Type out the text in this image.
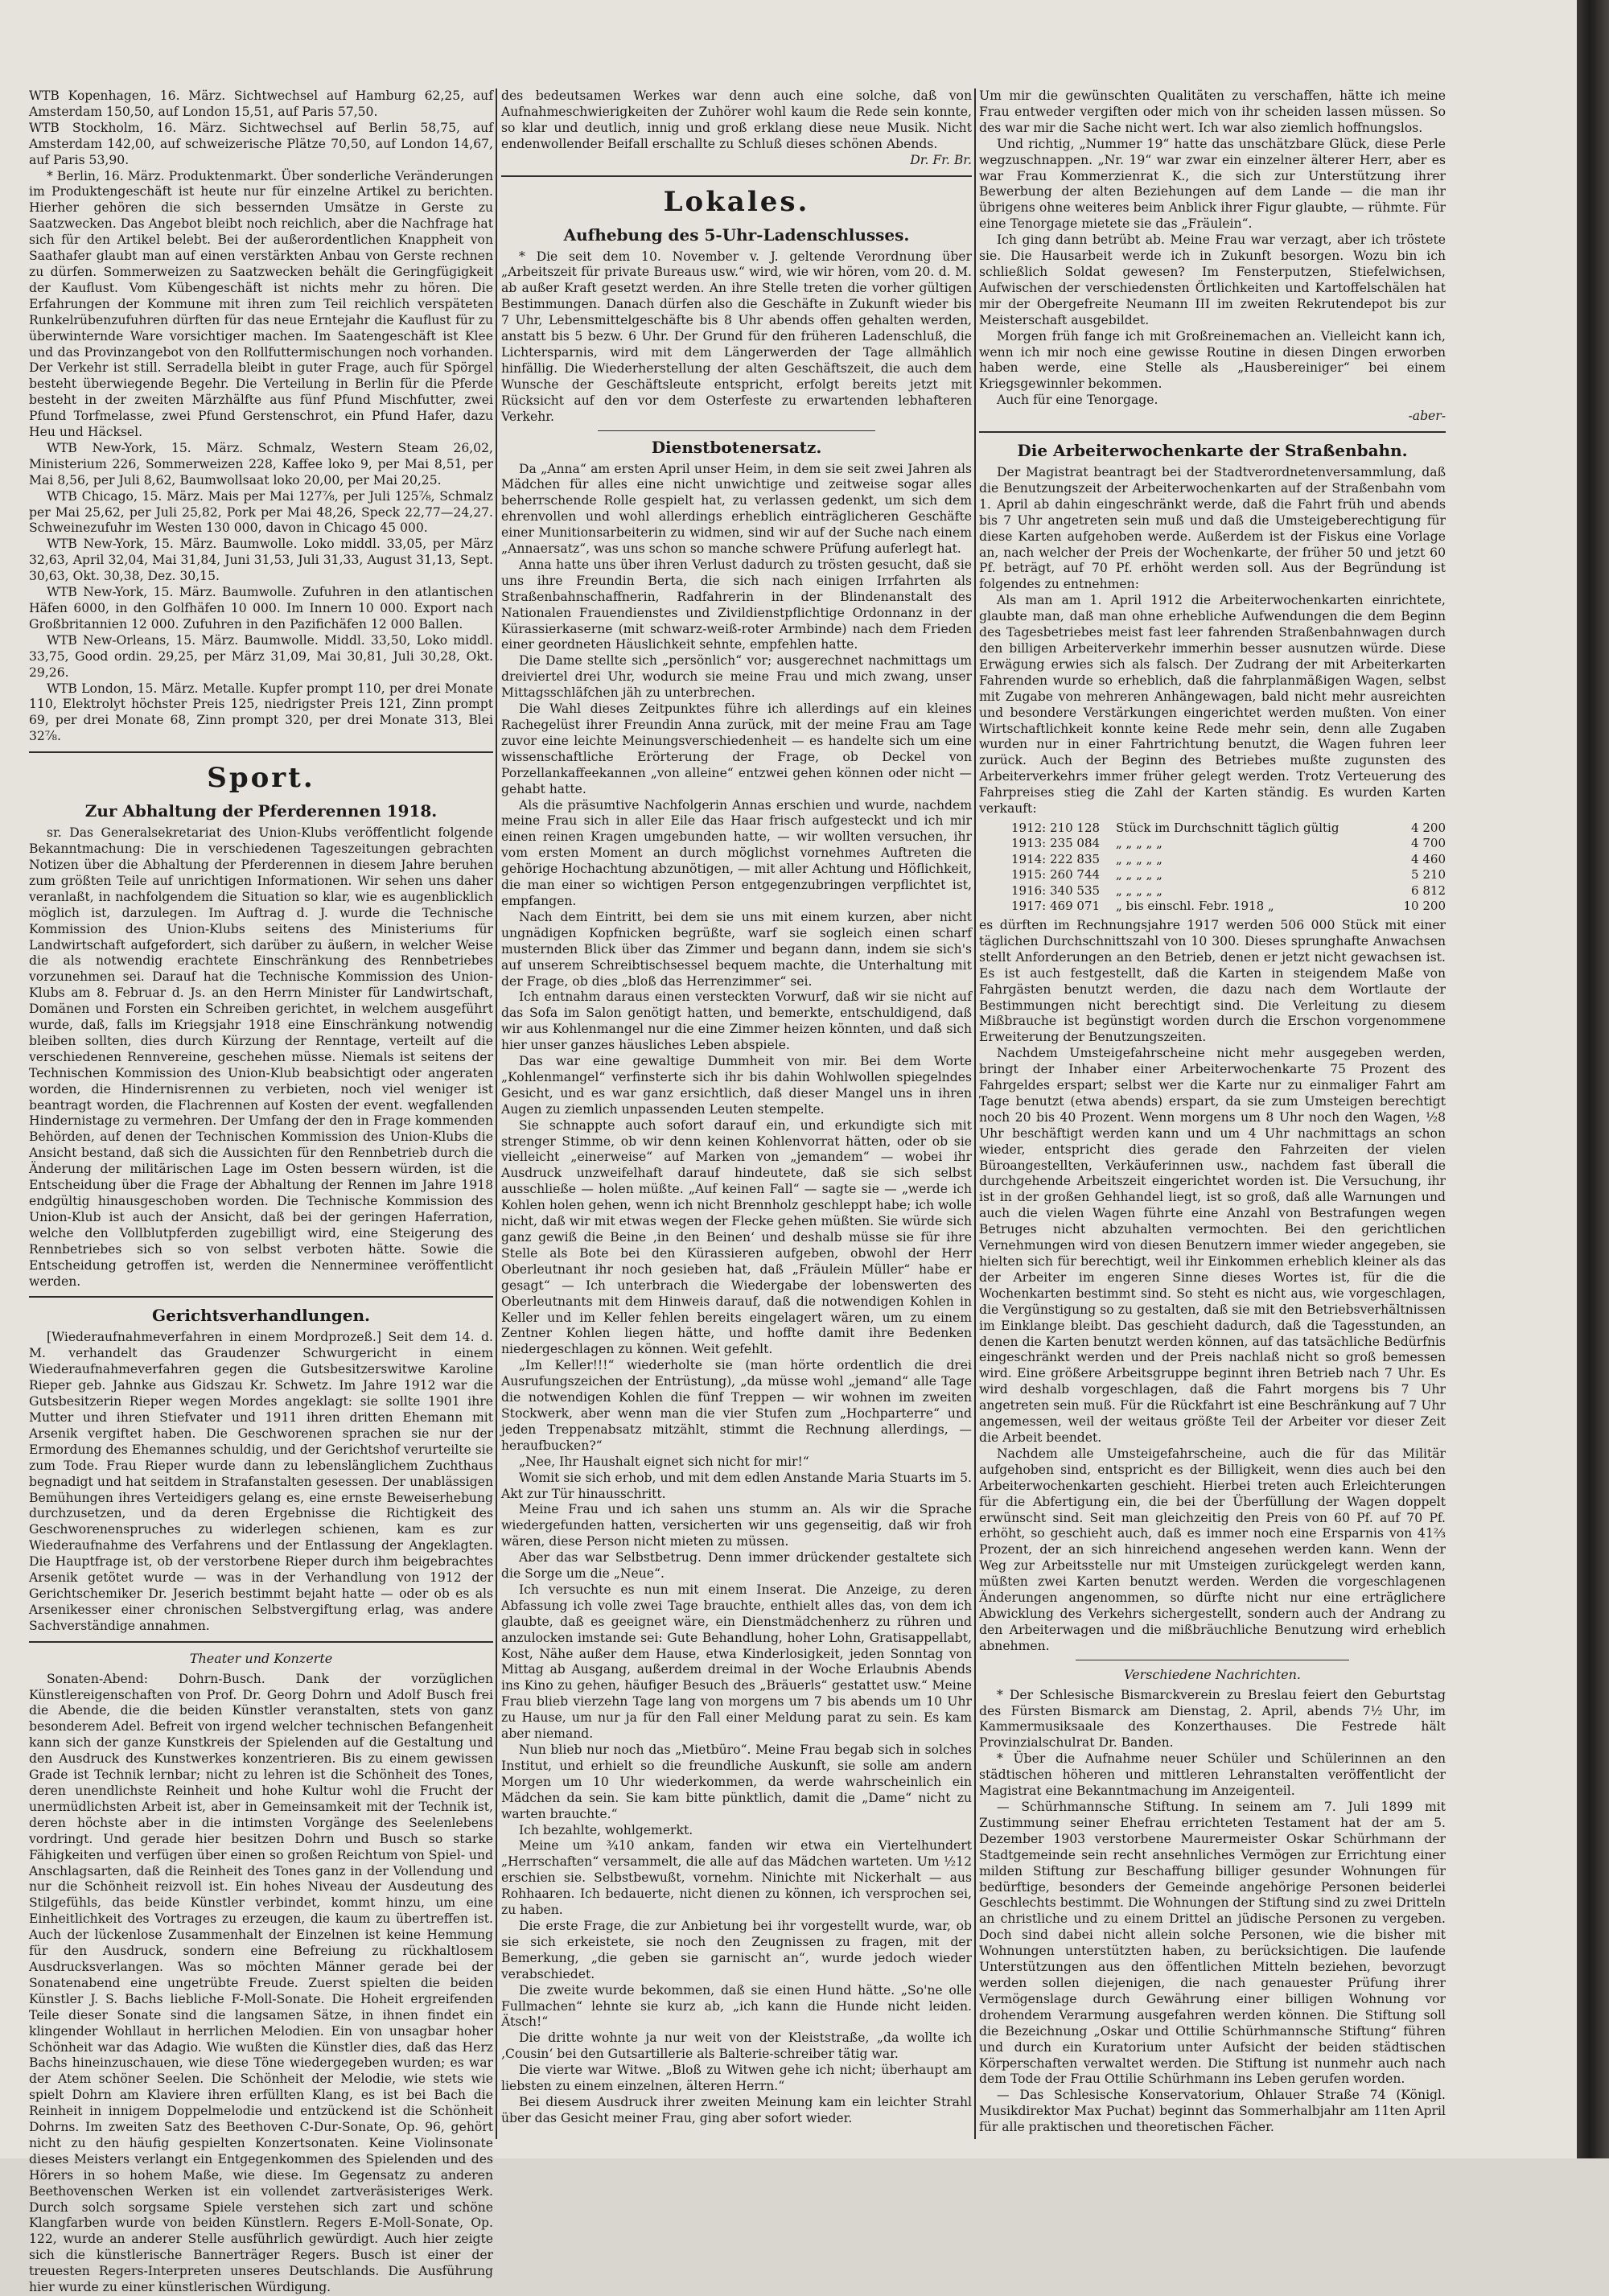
WTB Kopenhagen, 16. März. Sichtwechsel auf Hamburg 62,25, auf Amsterdam 150,50, auf London 15,51, auf Paris 57,50.

WTB Stockholm, 16. März. Sichtwechsel auf Berlin 58,75, auf Amsterdam 142,00, auf schweizerische Plätze 70,50, auf London 14,67, auf Paris 53,90.

* Berlin, 16. März. Produktenmarkt. Über sonderliche Veränderungen im Produktengeschäft ist heute nur für einzelne Artikel zu berichten. Hierher gehören die sich bessernden Umsätze in Gerste zu Saatzwecken. Das Angebot bleibt noch reichlich, aber die Nachfrage hat sich für den Artikel belebt. Bei der außerordentlichen Knappheit von Saathafer glaubt man auf einen verstärkten Anbau von Gerste rechnen zu dürfen. Sommerweizen zu Saatzwecken behält die Geringfügigkeit der Kauflust. Vom Kübengeschäft ist nichts mehr zu hören. Die Erfahrungen der Kommune mit ihren zum Teil reichlich verspäteten Runkelrübenzufuhren dürften für das neue Erntejahr die Kauflust für zu überwinternde Ware vorsichtiger machen. Im Saatengeschäft ist Klee und das Provinzangebot von den Rollfuttermischungen noch vorhanden. Der Verkehr ist still. Serradella bleibt in guter Frage, auch für Spörgel besteht überwiegende Begehr. Die Verteilung in Berlin für die Pferde besteht in der zweiten Märzhälfte aus fünf Pfund Mischfutter, zwei Pfund Torfmelasse, zwei Pfund Gerstenschrot, ein Pfund Hafer, dazu Heu und Häcksel.

WTB New-York, 15. März. Schmalz, Western Steam 26,02, Ministerium 226, Sommerweizen 228, Kaffee loko 9, per Mai 8,51, per Mai 8,56, per Juli 8,62, Baumwollsaat loko 20,00, per Mai 20,25.

WTB Chicago, 15. März. Mais per Mai 127⅞, per Juli 125⅞, Schmalz per Mai 25,62, per Juli 25,82, Pork per Mai 48,26, Speck 22,77—24,27. Schweinezufuhr im Westen 130 000, davon in Chicago 45 000.

WTB New-York, 15. März. Baumwolle. Loko middl. 33,05, per März 32,63, April 32,04, Mai 31,84, Juni 31,53, Juli 31,33, August 31,13, Sept. 30,63, Okt. 30,38, Dez. 30,15.

WTB New-York, 15. März. Baumwolle. Zufuhren in den atlantischen Häfen 6000, in den Golfhäfen 10 000. Im Innern 10 000. Export nach Großbritannien 12 000. Zufuhren in den Pazifichäfen 12 000 Ballen.

WTB New-Orleans, 15. März. Baumwolle. Middl. 33,50, Loko middl. 33,75, Good ordin. 29,25, per März 31,09, Mai 30,81, Juli 30,28, Okt. 29,26.

WTB London, 15. März. Metalle. Kupfer prompt 110, per drei Monate 110, Elektrolyt höchster Preis 125, niedrigster Preis 121, Zinn prompt 69, per drei Monate 68, Zinn prompt 320, per drei Monate 313, Blei 32⅞.

Sport.
Zur Abhaltung der Pferderennen 1918.

sr. Das Generalsekretariat des Union-Klubs veröffentlicht folgende Bekanntmachung: Die in verschiedenen Tageszeitungen gebrachten Notizen über die Abhaltung der Pferderennen in diesem Jahre beruhen zum größten Teile auf unrichtigen Informationen. Wir sehen uns daher veranlaßt, in nachfolgendem die Situation so klar, wie es augenblicklich möglich ist, darzulegen. Im Auftrag d. J. wurde die Technische Kommission des Union-Klubs seitens des Ministeriums für Landwirtschaft aufgefordert, sich darüber zu äußern, in welcher Weise die als notwendig erachtete Einschränkung des Rennbetriebes vorzunehmen sei. Darauf hat die Technische Kommission des Union-Klubs am 8. Februar d. Js. an den Herrn Minister für Landwirtschaft, Domänen und Forsten ein Schreiben gerichtet, in welchem ausgeführt wurde, daß, falls im Kriegsjahr 1918 eine Einschränkung notwendig bleiben sollten, dies durch Kürzung der Renntage, verteilt auf die verschiedenen Rennvereine, geschehen müsse. Niemals ist seitens der Technischen Kommission des Union-Klub beabsichtigt oder angeraten worden, die Hindernisrennen zu verbieten, noch viel weniger ist beantragt worden, die Flachrennen auf Kosten der event. wegfallenden Hindernistage zu vermehren. Der Umfang der den in Frage kommenden Behörden, auf denen der Technischen Kommission des Union-Klubs die Ansicht bestand, daß sich die Aussichten für den Rennbetrieb durch die Änderung der militärischen Lage im Osten bessern würden, ist die Entscheidung über die Frage der Abhaltung der Rennen im Jahre 1918 endgültig hinausgeschoben worden. Die Technische Kommission des Union-Klub ist auch der Ansicht, daß bei der geringen Haferration, welche den Vollblutpferden zugebilligt wird, eine Steigerung des Rennbetriebes sich so von selbst verboten hätte. Sowie die Entscheidung getroffen ist, werden die Nennerminee veröffentlicht werden.

Gerichtsverhandlungen.

[Wiederaufnahmeverfahren in einem Mordprozeß.] Seit dem 14. d. M. verhandelt das Graudenzer Schwurgericht in einem Wiederaufnahmeverfahren gegen die Gutsbesitzerswitwe Karoline Rieper geb. Jahnke aus Gidszau Kr. Schwetz. Im Jahre 1912 war die Gutsbesitzerin Rieper wegen Mordes angeklagt: sie sollte 1901 ihre Mutter und ihren Stiefvater und 1911 ihren dritten Ehemann mit Arsenik vergiftet haben. Die Geschworenen sprachen sie nur der Ermordung des Ehemannes schuldig, und der Gerichtshof verurteilte sie zum Tode. Frau Rieper wurde dann zu lebenslänglichem Zuchthaus begnadigt und hat seitdem in Strafanstalten gesessen. Der unablässigen Bemühungen ihres Verteidigers gelang es, eine ernste Beweiserhebung durchzusetzen, und da deren Ergebnisse die Richtigkeit des Geschworenenspruches zu widerlegen schienen, kam es zur Wiederaufnahme des Verfahrens und der Entlassung der Angeklagten. Die Hauptfrage ist, ob der verstorbene Rieper durch ihm beigebrachtes Arsenik getötet wurde — was in der Verhandlung von 1912 der Gerichtschemiker Dr. Jeserich bestimmt bejaht hatte — oder ob es als Arsenikesser einer chronischen Selbstvergiftung erlag, was andere Sachverständige annahmen.

Theater und Konzerte

Sonaten-Abend: Dohrn-Busch. Dank der vorzüglichen Künstlereigenschaften von Prof. Dr. Georg Dohrn und Adolf Busch frei die Abende, die die beiden Künstler veranstalten, stets von ganz besonderem Adel. Befreit von irgend welcher technischen Befangenheit kann sich der ganze Kunstkreis der Spielenden auf die Gestaltung und den Ausdruck des Kunstwerkes konzentrieren. Bis zu einem gewissen Grade ist Technik lernbar; nicht zu lehren ist die Schönheit des Tones, deren unendlichste Reinheit und hohe Kultur wohl die Frucht der unermüdlichsten Arbeit ist, aber in Gemeinsamkeit mit der Technik ist, deren höchste aber in die intimsten Vorgänge des Seelenlebens vordringt. Und gerade hier besitzen Dohrn und Busch so starke Fähigkeiten und verfügen über einen so großen Reichtum von Spiel- und Anschlagsarten, daß die Reinheit des Tones ganz in der Vollendung und nur die Schönheit reizvoll ist. Ein hohes Niveau der Ausdeutung des Stilgefühls, das beide Künstler verbindet, kommt hinzu, um eine Einheitlichkeit des Vortrages zu erzeugen, die kaum zu übertreffen ist. Auch der lückenlose Zusammenhalt der Einzelnen ist keine Hemmung für den Ausdruck, sondern eine Befreiung zu rückhaltlosem Ausdrucksverlangen. Was so möchten Männer gerade bei der Sonatenabend eine ungetrübte Freude. Zuerst spielten die beiden Künstler J. S. Bachs liebliche F-Moll-Sonate. Die Hoheit ergreifenden Teile dieser Sonate sind die langsamen Sätze, in ihnen findet ein klingender Wohllaut in herrlichen Melodien. Ein von unsagbar hoher Schönheit war das Adagio. Wie wußten die Künstler dies, daß das Herz Bachs hineinzuschauen, wie diese Töne wiedergegeben wurden; es war der Atem schöner Seelen. Die Schönheit der Melodie, wie stets wie spielt Dohrn am Klaviere ihren erfüllten Klang, es ist bei Bach die Reinheit in innigem Doppelmelodie und entzückend ist die Schönheit Dohrns. Im zweiten Satz des Beethoven C-Dur-Sonate, Op. 96, gehört nicht zu den häufig gespielten Konzertsonaten. Keine Violinsonate dieses Meisters verlangt ein Entgegenkommen des Spielenden und des Hörers in so hohem Maße, wie diese. Im Gegensatz zu anderen Beethovenschen Werken ist ein vollendet zartveräsisteriges Werk. Durch solch sorgsame Spiele verstehen sich zart und schöne Klangfarben wurde von beiden Künstlern. Regers E-Moll-Sonate, Op. 122, wurde an anderer Stelle ausführlich gewürdigt. Auch hier zeigte sich die künstlerische Bannerträger Regers. Busch ist einer der treuesten Regers-Interpreten unseres Deutschlands. Die Ausführung hier wurde zu einer künstlerischen Würdigung.

des bedeutsamen Werkes war denn auch eine solche, daß von Aufnahmeschwierigkeiten der Zuhörer wohl kaum die Rede sein konnte, so klar und deutlich, innig und groß erklang diese neue Musik. Nicht endenwollender Beifall erschallte zu Schluß dieses schönen Abends.

Dr. Fr. Br.
Lokales.
Aufhebung des 5-Uhr-Ladenschlusses.

* Die seit dem 10. November v. J. geltende Verordnung über „Arbeitszeit für private Bureaus usw.“ wird, wie wir hören, vom 20. d. M. ab außer Kraft gesetzt werden. An ihre Stelle treten die vorher gültigen Bestimmungen. Danach dürfen also die Geschäfte in Zukunft wieder bis 7 Uhr, Lebensmittelgeschäfte bis 8 Uhr abends offen gehalten werden, anstatt bis 5 bezw. 6 Uhr. Der Grund für den früheren Ladenschluß, die Lichtersparnis, wird mit dem Längerwerden der Tage allmählich hinfällig. Die Wiederherstellung der alten Geschäftszeit, die auch dem Wunsche der Geschäftsleute entspricht, erfolgt bereits jetzt mit Rücksicht auf den vor dem Osterfeste zu erwartenden lebhafteren Verkehr.

Dienstbotenersatz.

Da „Anna“ am ersten April unser Heim, in dem sie seit zwei Jahren als Mädchen für alles eine nicht unwichtige und zeitweise sogar alles beherrschende Rolle gespielt hat, zu verlassen gedenkt, um sich dem ehrenvollen und wohl allerdings erheblich einträglicheren Geschäfte einer Munitionsarbeiterin zu widmen, sind wir auf der Suche nach einem „Annaersatz“, was uns schon so manche schwere Prüfung auferlegt hat.

Anna hatte uns über ihren Verlust dadurch zu trösten gesucht, daß sie uns ihre Freundin Berta, die sich nach einigen Irrfahrten als Straßenbahnschaffnerin, Radfahrerin in der Blindenanstalt des Nationalen Frauendienstes und Zivildienstpflichtige Ordonnanz in der Kürassierkaserne (mit schwarz-weiß-roter Armbinde) nach dem Frieden einer geordneten Häuslichkeit sehnte, empfehlen hatte.

Die Dame stellte sich „persönlich“ vor; ausgerechnet nachmittags um dreiviertel drei Uhr, wodurch sie meine Frau und mich zwang, unser Mittagsschläfchen jäh zu unterbrechen.

Die Wahl dieses Zeitpunktes führe ich allerdings auf ein kleines Rachegelüst ihrer Freundin Anna zurück, mit der meine Frau am Tage zuvor eine leichte Meinungsverschiedenheit — es handelte sich um eine wissenschaftliche Erörterung der Frage, ob Deckel von Porzellankaffeekannen „von alleine“ entzwei gehen können oder nicht — gehabt hatte.

Als die präsumtive Nachfolgerin Annas erschien und wurde, nachdem meine Frau sich in aller Eile das Haar frisch aufgesteckt und ich mir einen reinen Kragen umgebunden hatte, — wir wollten versuchen, ihr vom ersten Moment an durch möglichst vornehmes Auftreten die gehörige Hochachtung abzunötigen, — mit aller Achtung und Höflichkeit, die man einer so wichtigen Person entgegenzubringen verpflichtet ist, empfangen.

Nach dem Eintritt, bei dem sie uns mit einem kurzen, aber nicht ungnädigen Kopfnicken begrüßte, warf sie sogleich einen scharf musternden Blick über das Zimmer und begann dann, indem sie sich's auf unserem Schreibtischsessel bequem machte, die Unterhaltung mit der Frage, ob dies „bloß das Herrenzimmer“ sei.

Ich entnahm daraus einen versteckten Vorwurf, daß wir sie nicht auf das Sofa im Salon genötigt hatten, und bemerkte, entschuldigend, daß wir aus Kohlenmangel nur die eine Zimmer heizen könnten, und daß sich hier unser ganzes häusliches Leben abspiele.

Das war eine gewaltige Dummheit von mir. Bei dem Worte „Kohlenmangel“ verfinsterte sich ihr bis dahin Wohlwollen spiegelndes Gesicht, und es war ganz ersichtlich, daß dieser Mangel uns in ihren Augen zu ziemlich unpassenden Leuten stempelte.

Sie schnappte auch sofort darauf ein, und erkundigte sich mit strenger Stimme, ob wir denn keinen Kohlenvorrat hätten, oder ob sie vielleicht „einerweise“ auf Marken von „jemandem“ — wobei ihr Ausdruck unzweifelhaft darauf hindeutete, daß sie sich selbst ausschließe — holen müßte. „Auf keinen Fall“ — sagte sie — „werde ich Kohlen holen gehen, wenn ich nicht Brennholz geschleppt habe; ich wolle nicht, daß wir mit etwas wegen der Flecke gehen müßten. Sie würde sich ganz gewiß die Beine ‚in den Beinen‘ und deshalb müsse sie für ihre Stelle als Bote bei den Kürassieren aufgeben, obwohl der Herr Oberleutnant ihr noch gesieben hat, daß „Fräulein Müller“ habe er gesagt“ — Ich unterbrach die Wiedergabe der lobenswerten des Oberleutnants mit dem Hinweis darauf, daß die notwendigen Kohlen in Keller und im Keller fehlen bereits eingelagert wären, um zu einem Zentner Kohlen liegen hätte, und hoffte damit ihre Bedenken niedergeschlagen zu können. Weit gefehlt.

„Im Keller!!!“ wiederholte sie (man hörte ordentlich die drei Ausrufungszeichen der Entrüstung), „da müsse wohl „jemand“ alle Tage die notwendigen Kohlen die fünf Treppen — wir wohnen im zweiten Stockwerk, aber wenn man die vier Stufen zum „Hochparterre“ und jeden Treppenabsatz mitzählt, stimmt die Rechnung allerdings, — heraufbucken?“

„Nee, Ihr Haushalt eignet sich nicht for mir!“

Womit sie sich erhob, und mit dem edlen Anstande Maria Stuarts im 5. Akt zur Tür hinausschritt.

Meine Frau und ich sahen uns stumm an. Als wir die Sprache wiedergefunden hatten, versicherten wir uns gegenseitig, daß wir froh wären, diese Person nicht mieten zu müssen.

Aber das war Selbstbetrug. Denn immer drückender gestaltete sich die Sorge um die „Neue“.

Ich versuchte es nun mit einem Inserat. Die Anzeige, zu deren Abfassung ich volle zwei Tage brauchte, enthielt alles das, von dem ich glaubte, daß es geeignet wäre, ein Dienstmädchenherz zu rühren und anzulocken imstande sei: Gute Behandlung, hoher Lohn, Gratisappellabt, Kost, Nähe außer dem Hause, etwa Kinderlosigkeit, jeden Sonntag von Mittag ab Ausgang, außerdem dreimal in der Woche Erlaubnis Abends ins Kino zu gehen, häufiger Besuch des „Bräuerls“ gestattet usw.“ Meine Frau blieb vierzehn Tage lang von morgens um 7 bis abends um 10 Uhr zu Hause, um nur ja für den Fall einer Meldung parat zu sein. Es kam aber niemand.

Nun blieb nur noch das „Mietbüro“. Meine Frau begab sich in solches Institut, und erhielt so die freundliche Auskunft, sie solle am andern Morgen um 10 Uhr wiederkommen, da werde wahrscheinlich ein Mädchen da sein. Sie kam bitte pünktlich, damit die „Dame“ nicht zu warten brauchte.“

Ich bezahlte, wohlgemerkt.

Meine um ¾10 ankam, fanden wir etwa ein Viertelhundert „Herrschaften“ versammelt, die alle auf das Mädchen warteten. Um ½12 erschien sie. Selbstbewußt, vornehm. Ninichte mit Nickerhalt — aus Rohhaaren. Ich bedauerte, nicht dienen zu können, ich versprochen sei, zu haben.

Die erste Frage, die zur Anbietung bei ihr vorgestellt wurde, war, ob sie sich erkeistete, sie noch den Zeugnissen zu fragen, mit der Bemerkung, „die geben sie garnischt an“, wurde jedoch wieder verabschiedet.

Die zweite wurde bekommen, daß sie einen Hund hätte. „So'ne olle Fullmachen“ lehnte sie kurz ab, „ich kann die Hunde nicht leiden. Ätsch!“

Die dritte wohnte ja nur weit von der Kleiststraße, „da wollte ich ‚Cousin‘ bei den Gutsartillerie als Balterie-schreiber tätig war.

Die vierte war Witwe. „Bloß zu Witwen gehe ich nicht; überhaupt am liebsten zu einem einzelnen, älteren Herrn.“

Bei diesem Ausdruck ihrer zweiten Meinung kam ein leichter Strahl über das Gesicht meiner Frau, ging aber sofort wieder.

Um mir die gewünschten Qualitäten zu verschaffen, hätte ich meine Frau entweder vergiften oder mich von ihr scheiden lassen müssen. So des war mir die Sache nicht wert. Ich war also ziemlich hoffnungslos.

Und richtig, „Nummer 19“ hatte das unschätzbare Glück, diese Perle wegzuschnappen. „Nr. 19“ war zwar ein einzelner älterer Herr, aber es war Frau Kommerzienrat K., die sich zur Unterstützung ihrer Bewerbung der alten Beziehungen auf dem Lande — die man ihr übrigens ohne weiteres beim Anblick ihrer Figur glaubte, — rühmte. Für eine Tenorgage mietete sie das „Fräulein“.

Ich ging dann betrübt ab. Meine Frau war verzagt, aber ich tröstete sie. Die Hausarbeit werde ich in Zukunft besorgen. Wozu bin ich schließlich Soldat gewesen? Im Fensterputzen, Stiefelwichsen, Aufwischen der verschiedensten Örtlichkeiten und Kartoffelschälen hat mir der Obergefreite Neumann III im zweiten Rekrutendepot bis zur Meisterschaft ausgebildet.

Morgen früh fange ich mit Großreinemachen an. Vielleicht kann ich, wenn ich mir noch eine gewisse Routine in diesen Dingen erworben haben werde, eine Stelle als „Hausbereiniger“ bei einem Kriegsgewinnler bekommen.

Auch für eine Tenorgage.

-aber-
Die Arbeiterwochenkarte der Straßenbahn.

Der Magistrat beantragt bei der Stadtverordnetenversammlung, daß die Benutzungszeit der Arbeiterwochenkarten auf der Straßenbahn vom 1. April ab dahin eingeschränkt werde, daß die Fahrt früh und abends bis 7 Uhr angetreten sein muß und daß die Umsteigeberechtigung für diese Karten aufgehoben werde. Außerdem ist der Fiskus eine Vorlage an, nach welcher der Preis der Wochenkarte, der früher 50 und jetzt 60 Pf. beträgt, auf 70 Pf. erhöht werden soll. Aus der Begründung ist folgendes zu entnehmen:

Als man am 1. April 1912 die Arbeiterwochenkarten einrichtete, glaubte man, daß man ohne erhebliche Aufwendungen die dem Beginn des Tagesbetriebes meist fast leer fahrenden Straßenbahnwagen durch den billigen Arbeiterverkehr immerhin besser ausnutzen würde. Diese Erwägung erwies sich als falsch. Der Zudrang der mit Arbeiterkarten Fahrenden wurde so erheblich, daß die fahrplanmäßigen Wagen, selbst mit Zugabe von mehreren Anhängewagen, bald nicht mehr ausreichten und besondere Verstärkungen eingerichtet werden mußten. Von einer Wirtschaftlichkeit konnte keine Rede mehr sein, denn alle Zugaben wurden nur in einer Fahrtrichtung benutzt, die Wagen fuhren leer zurück. Auch der Beginn des Betriebes mußte zugunsten des Arbeiterverkehrs immer früher gelegt werden. Trotz Verteuerung des Fahrpreises stieg die Zahl der Karten ständig. Es wurden Karten verkauft:

1912: 210 128	Stück im Durchschnitt täglich gültig	4 200
1913: 235 084	„ „ „ „ „	4 700
1914: 222 835	„ „ „ „ „	4 460
1915: 260 744	„ „ „ „ „	5 210
1916: 340 535	„ „ „ „ „	6 812
1917: 469 071	„ bis einschl. Febr. 1918 „	10 200

es dürften im Rechnungsjahre 1917 werden 506 000 Stück mit einer täglichen Durchschnittszahl von 10 300. Dieses sprunghafte Anwachsen stellt Anforderungen an den Betrieb, denen er jetzt nicht gewachsen ist. Es ist auch festgestellt, daß die Karten in steigendem Maße von Fahrgästen benutzt werden, die dazu nach dem Wortlaute der Bestimmungen nicht berechtigt sind. Die Verleitung zu diesem Mißbrauche ist begünstigt worden durch die Erschon vorgenommene Erweiterung der Benutzungszeiten.

Nachdem Umsteigefahrscheine nicht mehr ausgegeben werden, bringt der Inhaber einer Arbeiterwochenkarte 75 Prozent des Fahrgeldes erspart; selbst wer die Karte nur zu einmaliger Fahrt am Tage benutzt (etwa abends) erspart, da sie zum Umsteigen berechtigt noch 20 bis 40 Prozent. Wenn morgens um 8 Uhr noch den Wagen, ½8 Uhr beschäftigt werden kann und um 4 Uhr nachmittags an schon wieder, entspricht dies gerade den Fahrzeiten der vielen Büroangestellten, Verkäuferinnen usw., nachdem fast überall die durchgehende Arbeitszeit eingerichtet worden ist. Die Versuchung, ihr ist in der großen Gehhandel liegt, ist so groß, daß alle Warnungen und auch die vielen Wagen führte eine Anzahl von Bestrafungen wegen Betruges nicht abzuhalten vermochten. Bei den gerichtlichen Vernehmungen wird von diesen Benutzern immer wieder angegeben, sie hielten sich für berechtigt, weil ihr Einkommen erheblich kleiner als das der Arbeiter im engeren Sinne dieses Wortes ist, für die die Wochenkarten bestimmt sind. So steht es nicht aus, wie vorgeschlagen, die Vergünstigung so zu gestalten, daß sie mit den Betriebsverhältnissen im Einklange bleibt. Das geschieht dadurch, daß die Tagesstunden, an denen die Karten benutzt werden können, auf das tatsächliche Bedürfnis eingeschränkt werden und der Preis nachlaß nicht so groß bemessen wird. Eine größere Arbeitsgruppe beginnt ihren Betrieb nach 7 Uhr. Es wird deshalb vorgeschlagen, daß die Fahrt morgens bis 7 Uhr angetreten sein muß. Für die Rückfahrt ist eine Beschränkung auf 7 Uhr angemessen, weil der weitaus größte Teil der Arbeiter vor dieser Zeit die Arbeit beendet.

Nachdem alle Umsteigefahrscheine, auch die für das Militär aufgehoben sind, entspricht es der Billigkeit, wenn dies auch bei den Arbeiterwochenkarten geschieht. Hierbei treten auch Erleichterungen für die Abfertigung ein, die bei der Überfüllung der Wagen doppelt erwünscht sind. Seit man gleichzeitig den Preis von 60 Pf. auf 70 Pf. erhöht, so geschieht auch, daß es immer noch eine Ersparnis von 41⅔ Prozent, der an sich hinreichend angesehen werden kann. Wenn der Weg zur Arbeitsstelle nur mit Umsteigen zurückgelegt werden kann, müßten zwei Karten benutzt werden. Werden die vorgeschlagenen Änderungen angenommen, so dürfte nicht nur eine erträglichere Abwicklung des Verkehrs sichergestellt, sondern auch der Andrang zu den Arbeiterwagen und die mißbräuchliche Benutzung wird erheblich abnehmen.

Verschiedene Nachrichten.

* Der Schlesische Bismarckverein zu Breslau feiert den Geburtstag des Fürsten Bismarck am Dienstag, 2. April, abends 7½ Uhr, im Kammermusiksaale des Konzerthauses. Die Festrede hält Provinzialschulrat Dr. Banden.

* Über die Aufnahme neuer Schüler und Schülerinnen an den städtischen höheren und mittleren Lehranstalten veröffentlicht der Magistrat eine Bekanntmachung im Anzeigenteil.

— Schürhmannsche Stiftung. In seinem am 7. Juli 1899 mit Zustimmung seiner Ehefrau errichteten Testament hat der am 5. Dezember 1903 verstorbene Maurermeister Oskar Schürhmann der Stadtgemeinde sein recht ansehnliches Vermögen zur Errichtung einer milden Stiftung zur Beschaffung billiger gesunder Wohnungen für bedürftige, besonders der Gemeinde angehörige Personen beiderlei Geschlechts bestimmt. Die Wohnungen der Stiftung sind zu zwei Dritteln an christliche und zu einem Drittel an jüdische Personen zu vergeben. Doch sind dabei nicht allein solche Personen, wie die bisher mit Wohnungen unterstützten haben, zu berücksichtigen. Die laufende Unterstützungen aus den öffentlichen Mitteln beziehen, bevorzugt werden sollen diejenigen, die nach genauester Prüfung ihrer Vermögenslage durch Gewährung einer billigen Wohnung vor drohendem Verarmung ausgefahren werden können. Die Stiftung soll die Bezeichnung „Oskar und Ottilie Schürhmannsche Stiftung“ führen und durch ein Kuratorium unter Aufsicht der beiden städtischen Körperschaften verwaltet werden. Die Stiftung ist nunmehr auch nach dem Tode der Frau Ottilie Schürhmann ins Leben gerufen worden.

— Das Schlesische Konservatorium, Ohlauer Straße 74 (Königl. Musikdirektor Max Puchat) beginnt das Sommerhalbjahr am 11ten April für alle praktischen und theoretischen Fächer.
